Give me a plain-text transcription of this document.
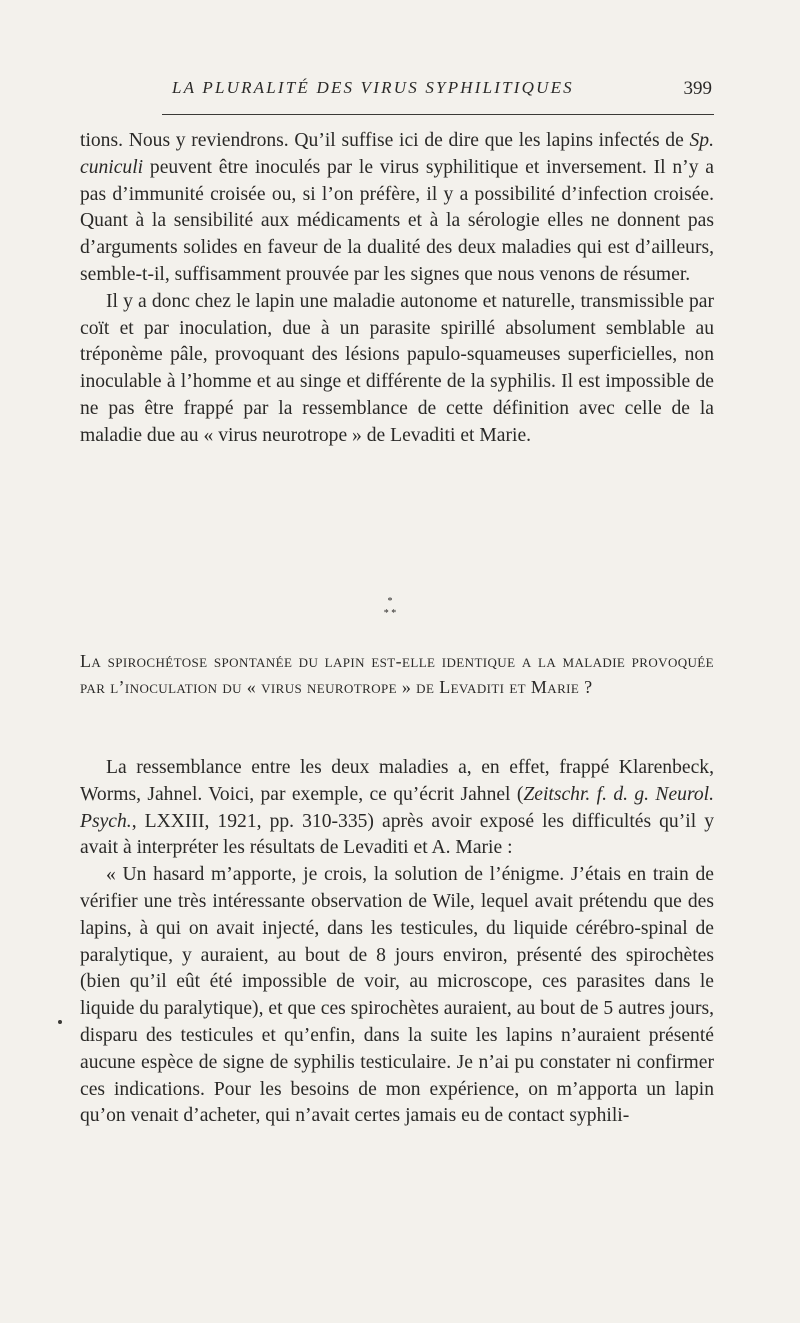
LA PLURALITÉ DES VIRUS SYPHILITIQUES	399

tions. Nous y reviendrons. Qu’il suffise ici de dire que les lapins infectés de Sp. cuniculi peuvent être inoculés par le virus syphilitique et inversement. Il n’y a pas d’immunité croisée ou, si l’on préfère, il y a possibilité d’infection croisée. Quant à la sensibilité aux médicaments et à la sérologie elles ne donnent pas d’arguments solides en faveur de la dualité des deux maladies qui est d’ailleurs, semble-t-il, suffisamment prouvée par les signes que nous venons de résumer.

Il y a donc chez le lapin une maladie autonome et naturelle, transmissible par coït et par inoculation, due à un parasite spirillé absolument semblable au tréponème pâle, provoquant des lésions papulo-squameuses superficielles, non inoculable à l’homme et au singe et différente de la syphilis. Il est impossible de ne pas être frappé par la ressemblance de cette définition avec celle de la maladie due au « virus neurotrope » de Levaditi et Marie.

*
* *
La spirochétose spontanée du lapin est-elle identique a la maladie provoquée par l’inoculation du « virus neurotrope » de Levaditi et Marie ?

La ressemblance entre les deux maladies a, en effet, frappé Klarenbeck, Worms, Jahnel. Voici, par exemple, ce qu’écrit Jahnel (Zeitschr. f. d. g. Neurol. Psych., LXXIII, 1921, pp. 310-335) après avoir exposé les difficultés qu’il y avait à interpréter les résultats de Levaditi et A. Marie :

« Un hasard m’apporte, je crois, la solution de l’énigme. J’étais en train de vérifier une très intéressante observation de Wile, lequel avait prétendu que des lapins, à qui on avait injecté, dans les testicules, du liquide cérébro-spinal de paralytique, y auraient, au bout de 8 jours environ, présenté des spirochètes (bien qu’il eût été impossible de voir, au microscope, ces parasites dans le liquide du paralytique), et que ces spirochètes auraient, au bout de 5 autres jours, disparu des testicules et qu’enfin, dans la suite les lapins n’auraient présenté aucune espèce de signe de syphilis testiculaire. Je n’ai pu constater ni confirmer ces indications. Pour les besoins de mon expérience, on m’apporta un lapin qu’on venait d’acheter, qui n’avait certes jamais eu de contact syphili-
